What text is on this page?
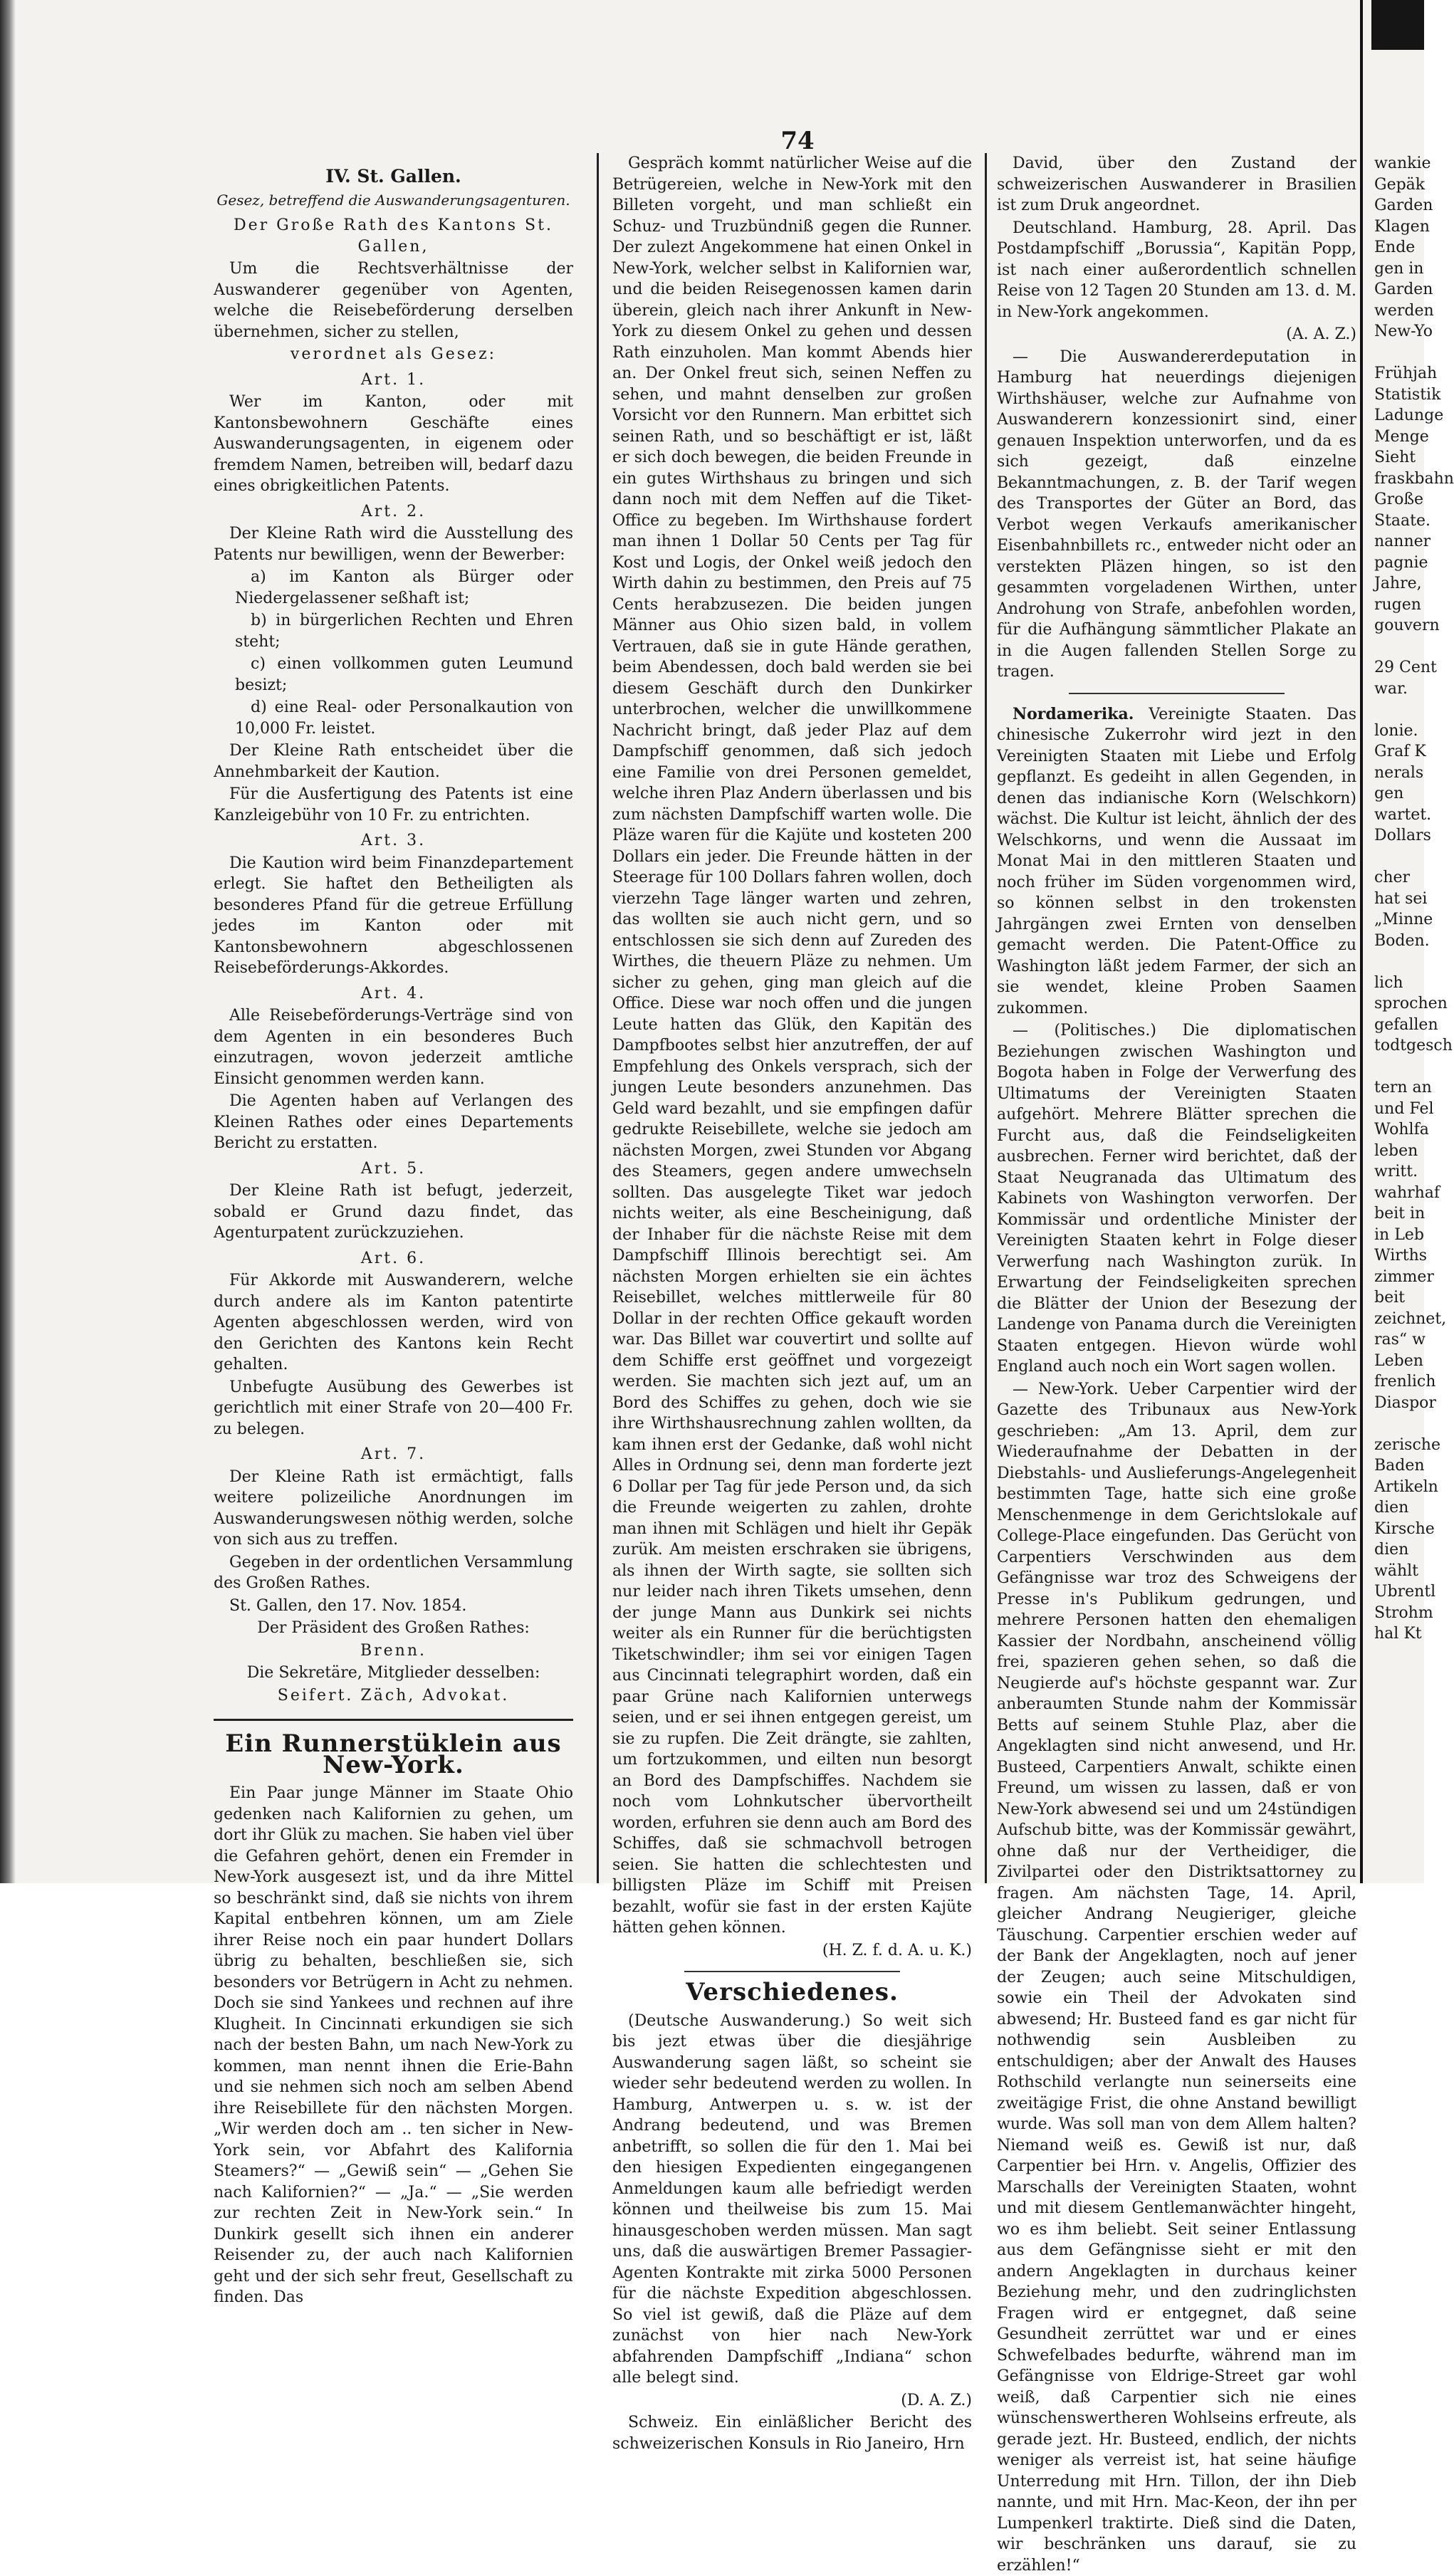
74
IV. St. Gallen.
Gesez, betreffend die Auswanderungsagenturen.

Der Große Rath des Kantons St. Gallen,

Um die Rechtsverhältnisse der Auswanderer gegenüber von Agenten, welche die Reisebeförderung derselben übernehmen, sicher zu stellen,

verordnet als Gesez:

Art. 1.

Wer im Kanton, oder mit Kantonsbewohnern Geschäfte eines Auswanderungsagenten, in eigenem oder fremdem Namen, betreiben will, bedarf dazu eines obrigkeitlichen Patents.

Art. 2.

Der Kleine Rath wird die Ausstellung des Patents nur bewilligen, wenn der Bewerber:

a) im Kanton als Bürger oder Niedergelassener seßhaft ist;

b) in bürgerlichen Rechten und Ehren steht;

c) einen vollkommen guten Leumund besizt;

d) eine Real- oder Personalkaution von 10,000 Fr. leistet.

Der Kleine Rath entscheidet über die Annehmbarkeit der Kaution.

Für die Ausfertigung des Patents ist eine Kanzleigebühr von 10 Fr. zu entrichten.

Art. 3.

Die Kaution wird beim Finanzdepartement erlegt. Sie haftet den Betheiligten als besonderes Pfand für die getreue Erfüllung jedes im Kanton oder mit Kantonsbewohnern abgeschlossenen Reisebeförderungs-Akkordes.

Art. 4.

Alle Reisebeförderungs-Verträge sind von dem Agenten in ein besonderes Buch einzutragen, wovon jederzeit amtliche Einsicht genommen werden kann.

Die Agenten haben auf Verlangen des Kleinen Rathes oder eines Departements Bericht zu erstatten.

Art. 5.

Der Kleine Rath ist befugt, jederzeit, sobald er Grund dazu findet, das Agenturpatent zurückzuziehen.

Art. 6.

Für Akkorde mit Auswanderern, welche durch andere als im Kanton patentirte Agenten abgeschlossen werden, wird von den Gerichten des Kantons kein Recht gehalten.

Unbefugte Ausübung des Gewerbes ist gerichtlich mit einer Strafe von 20—400 Fr. zu belegen.

Art. 7.

Der Kleine Rath ist ermächtigt, falls weitere polizeiliche Anordnungen im Auswanderungswesen nöthig werden, solche von sich aus zu treffen.

Gegeben in der ordentlichen Versammlung des Großen Rathes.

St. Gallen, den 17. Nov. 1854.

Der Präsident des Großen Rathes:

Brenn.

Die Sekretäre, Mitglieder desselben:

Seifert. Zäch, Advokat.

Ein Runnerstüklein aus New-York.

Ein Paar junge Männer im Staate Ohio gedenken nach Kalifornien zu gehen, um dort ihr Glük zu machen. Sie haben viel über die Gefahren gehört, denen ein Fremder in New-York ausgesezt ist, und da ihre Mittel so beschränkt sind, daß sie nichts von ihrem Kapital entbehren können, um am Ziele ihrer Reise noch ein paar hundert Dollars übrig zu behalten, beschließen sie, sich besonders vor Betrügern in Acht zu nehmen. Doch sie sind Yankees und rechnen auf ihre Klugheit. In Cincinnati erkundigen sie sich nach der besten Bahn, um nach New-York zu kommen, man nennt ihnen die Erie-Bahn und sie nehmen sich noch am selben Abend ihre Reisebillete für den nächsten Morgen. „Wir werden doch am .. ten sicher in New-York sein, vor Abfahrt des Kalifornia Steamers?“ — „Gewiß sein“ — „Gehen Sie nach Kalifornien?“ — „Ja.“ — „Sie werden zur rechten Zeit in New-York sein.“ In Dunkirk gesellt sich ihnen ein anderer Reisender zu, der auch nach Kalifornien geht und der sich sehr freut, Gesellschaft zu finden. Das

Gespräch kommt natürlicher Weise auf die Betrügereien, welche in New-York mit den Billeten vorgeht, und man schließt ein Schuz- und Truzbündniß gegen die Runner. Der zulezt Angekommene hat einen Onkel in New-York, welcher selbst in Kalifornien war, und die beiden Reisegenossen kamen darin überein, gleich nach ihrer Ankunft in New-York zu diesem Onkel zu gehen und dessen Rath einzuholen. Man kommt Abends hier an. Der Onkel freut sich, seinen Neffen zu sehen, und mahnt denselben zur großen Vorsicht vor den Runnern. Man erbittet sich seinen Rath, und so beschäftigt er ist, läßt er sich doch bewegen, die beiden Freunde in ein gutes Wirthshaus zu bringen und sich dann noch mit dem Neffen auf die Tiket-Office zu begeben. Im Wirthshause fordert man ihnen 1 Dollar 50 Cents per Tag für Kost und Logis, der Onkel weiß jedoch den Wirth dahin zu bestimmen, den Preis auf 75 Cents herabzusezen. Die beiden jungen Männer aus Ohio sizen bald, in vollem Vertrauen, daß sie in gute Hände gerathen, beim Abendessen, doch bald werden sie bei diesem Geschäft durch den Dunkirker unterbrochen, welcher die unwillkommene Nachricht bringt, daß jeder Plaz auf dem Dampfschiff genommen, daß sich jedoch eine Familie von drei Personen gemeldet, welche ihren Plaz Andern überlassen und bis zum nächsten Dampfschiff warten wolle. Die Pläze waren für die Kajüte und kosteten 200 Dollars ein jeder. Die Freunde hätten in der Steerage für 100 Dollars fahren wollen, doch vierzehn Tage länger warten und zehren, das wollten sie auch nicht gern, und so entschlossen sie sich denn auf Zureden des Wirthes, die theuern Pläze zu nehmen. Um sicher zu gehen, ging man gleich auf die Office. Diese war noch offen und die jungen Leute hatten das Glük, den Kapitän des Dampfbootes selbst hier anzutreffen, der auf Empfehlung des Onkels versprach, sich der jungen Leute besonders anzunehmen. Das Geld ward bezahlt, und sie empfingen dafür gedrukte Reisebillete, welche sie jedoch am nächsten Morgen, zwei Stunden vor Abgang des Steamers, gegen andere umwechseln sollten. Das ausgelegte Tiket war jedoch nichts weiter, als eine Bescheinigung, daß der Inhaber für die nächste Reise mit dem Dampfschiff Illinois berechtigt sei. Am nächsten Morgen erhielten sie ein ächtes Reisebillet, welches mittlerweile für 80 Dollar in der rechten Office gekauft worden war. Das Billet war couvertirt und sollte auf dem Schiffe erst geöffnet und vorgezeigt werden. Sie machten sich jezt auf, um an Bord des Schiffes zu gehen, doch wie sie ihre Wirthshausrechnung zahlen wollten, da kam ihnen erst der Gedanke, daß wohl nicht Alles in Ordnung sei, denn man forderte jezt 6 Dollar per Tag für jede Person und, da sich die Freunde weigerten zu zahlen, drohte man ihnen mit Schlägen und hielt ihr Gepäk zurük. Am meisten erschraken sie übrigens, als ihnen der Wirth sagte, sie sollten sich nur leider nach ihren Tikets umsehen, denn der junge Mann aus Dunkirk sei nichts weiter als ein Runner für die berüchtigsten Tiketschwindler; ihm sei vor einigen Tagen aus Cincinnati telegraphirt worden, daß ein paar Grüne nach Kalifornien unterwegs seien, und er sei ihnen entgegen gereist, um sie zu rupfen. Die Zeit drängte, sie zahlten, um fortzukommen, und eilten nun besorgt an Bord des Dampfschiffes. Nachdem sie noch vom Lohnkutscher übervortheilt worden, erfuhren sie denn auch am Bord des Schiffes, daß sie schmachvoll betrogen seien. Sie hatten die schlechtesten und billigsten Pläze im Schiff mit Preisen bezahlt, wofür sie fast in der ersten Kajüte hätten gehen können.

(H. Z. f. d. A. u. K.)

Verschiedenes.

(Deutsche Auswanderung.) So weit sich bis jezt etwas über die diesjährige Auswanderung sagen läßt, so scheint sie wieder sehr bedeutend werden zu wollen. In Hamburg, Antwerpen u. s. w. ist der Andrang bedeutend, und was Bremen anbetrifft, so sollen die für den 1. Mai bei den hiesigen Expedienten eingegangenen Anmeldungen kaum alle befriedigt werden können und theilweise bis zum 15. Mai hinausgeschoben werden müssen. Man sagt uns, daß die auswärtigen Bremer Passagier-Agenten Kontrakte mit zirka 5000 Personen für die nächste Expedition abgeschlossen. So viel ist gewiß, daß die Pläze auf dem zunächst von hier nach New-York abfahrenden Dampfschiff „Indiana“ schon alle belegt sind.

(D. A. Z.)

Schweiz. Ein einläßlicher Bericht des schweizerischen Konsuls in Rio Janeiro, Hrn

David, über den Zustand der schweizerischen Auswanderer in Brasilien ist zum Druk angeordnet.

Deutschland. Hamburg, 28. April. Das Postdampfschiff „Borussia“, Kapitän Popp, ist nach einer außerordentlich schnellen Reise von 12 Tagen 20 Stunden am 13. d. M. in New-York angekommen.

(A. A. Z.)

— Die Auswandererdeputation in Hamburg hat neuerdings diejenigen Wirthshäuser, welche zur Aufnahme von Auswanderern konzessionirt sind, einer genauen Inspektion unterworfen, und da es sich gezeigt, daß einzelne Bekanntmachungen, z. B. der Tarif wegen des Transportes der Güter an Bord, das Verbot wegen Verkaufs amerikanischer Eisenbahnbillets rc., entweder nicht oder an verstekten Pläzen hingen, so ist den gesammten vorgeladenen Wirthen, unter Androhung von Strafe, anbefohlen worden, für die Aufhängung sämmtlicher Plakate an in die Augen fallenden Stellen Sorge zu tragen.

Nordamerika. Vereinigte Staaten. Das chinesische Zukerrohr wird jezt in den Vereinigten Staaten mit Liebe und Erfolg gepflanzt. Es gedeiht in allen Gegenden, in denen das indianische Korn (Welschkorn) wächst. Die Kultur ist leicht, ähnlich der des Welschkorns, und wenn die Aussaat im Monat Mai in den mittleren Staaten und noch früher im Süden vorgenommen wird, so können selbst in den trokensten Jahrgängen zwei Ernten von denselben gemacht werden. Die Patent-Office zu Washington läßt jedem Farmer, der sich an sie wendet, kleine Proben Saamen zukommen.

— (Politisches.) Die diplomatischen Beziehungen zwischen Washington und Bogota haben in Folge der Verwerfung des Ultimatums der Vereinigten Staaten aufgehört. Mehrere Blätter sprechen die Furcht aus, daß die Feindseligkeiten ausbrechen. Ferner wird berichtet, daß der Staat Neugranada das Ultimatum des Kabinets von Washington verworfen. Der Kommissär und ordentliche Minister der Vereinigten Staaten kehrt in Folge dieser Verwerfung nach Washington zurük. In Erwartung der Feindseligkeiten sprechen die Blätter der Union der Besezung der Landenge von Panama durch die Vereinigten Staaten entgegen. Hievon würde wohl England auch noch ein Wort sagen wollen.

— New-York. Ueber Carpentier wird der Gazette des Tribunaux aus New-York geschrieben: „Am 13. April, dem zur Wiederaufnahme der Debatten in der Diebstahls- und Auslieferungs-Angelegenheit bestimmten Tage, hatte sich eine große Menschenmenge in dem Gerichtslokale auf College-Place eingefunden. Das Gerücht von Carpentiers Verschwinden aus dem Gefängnisse war troz des Schweigens der Presse in's Publikum gedrungen, und mehrere Personen hatten den ehemaligen Kassier der Nordbahn, anscheinend völlig frei, spazieren gehen sehen, so daß die Neugierde auf's höchste gespannt war. Zur anberaumten Stunde nahm der Kommissär Betts auf seinem Stuhle Plaz, aber die Angeklagten sind nicht anwesend, und Hr. Busteed, Carpentiers Anwalt, schikte einen Freund, um wissen zu lassen, daß er von New-York abwesend sei und um 24stündigen Aufschub bitte, was der Kommissär gewährt, ohne daß nur der Vertheidiger, die Zivilpartei oder den Distriktsattorney zu fragen. Am nächsten Tage, 14. April, gleicher Andrang Neugieriger, gleiche Täuschung. Carpentier erschien weder auf der Bank der Angeklagten, noch auf jener der Zeugen; auch seine Mitschuldigen, sowie ein Theil der Advokaten sind abwesend; Hr. Busteed fand es gar nicht für nothwendig sein Ausbleiben zu entschuldigen; aber der Anwalt des Hauses Rothschild verlangte nun seinerseits eine zweitägige Frist, die ohne Anstand bewilligt wurde. Was soll man von dem Allem halten? Niemand weiß es. Gewiß ist nur, daß Carpentier bei Hrn. v. Angelis, Offizier des Marschalls der Vereinigten Staaten, wohnt und mit diesem Gentlemanwächter hingeht, wo es ihm beliebt. Seit seiner Entlassung aus dem Gefängnisse sieht er mit den andern Angeklagten in durchaus keiner Beziehung mehr, und den zudringlichsten Fragen wird er entgegnet, daß seine Gesundheit zerrüttet war und er eines Schwefelbades bedurfte, während man im Gefängnisse von Eldrige-Street gar wohl weiß, daß Carpentier sich nie eines wünschenswertheren Wohlseins erfreute, als gerade jezt. Hr. Busteed, endlich, der nichts weniger als verreist ist, hat seine häufige Unterredung mit Hrn. Tillon, der ihn Dieb nannte, und mit Hrn. Mac-Keon, der ihn per Lumpenkerl traktirte. Dieß sind die Daten, wir beschränken uns darauf, sie zu erzählen!“

wankie
Gepäk
Garden
Klagen
Ende
gen in
Garden
werden
New-Yo

Frühjah
Statistik
Ladunge
Menge
Sieht
fraskbahn
Große
Staate.
nanner
pagnie
Jahre,
rugen
gouvern

29 Cent
war.

lonie.
Graf K
nerals
gen
wartet.
Dollars

cher
hat sei
„Minne
Boden.

lich
sprochen
gefallen
todtgesch

tern an
und Fel
Wohlfa
leben
writt.
wahrhaf
beit in
in Leb
Wirths
zimmer
beit
zeichnet,
ras“ w
Leben
frenlich
Diaspor

zerische
Baden
Artikeln
dien
Kirsche
dien
wählt
Ubrentl
Strohm
hal Kt
